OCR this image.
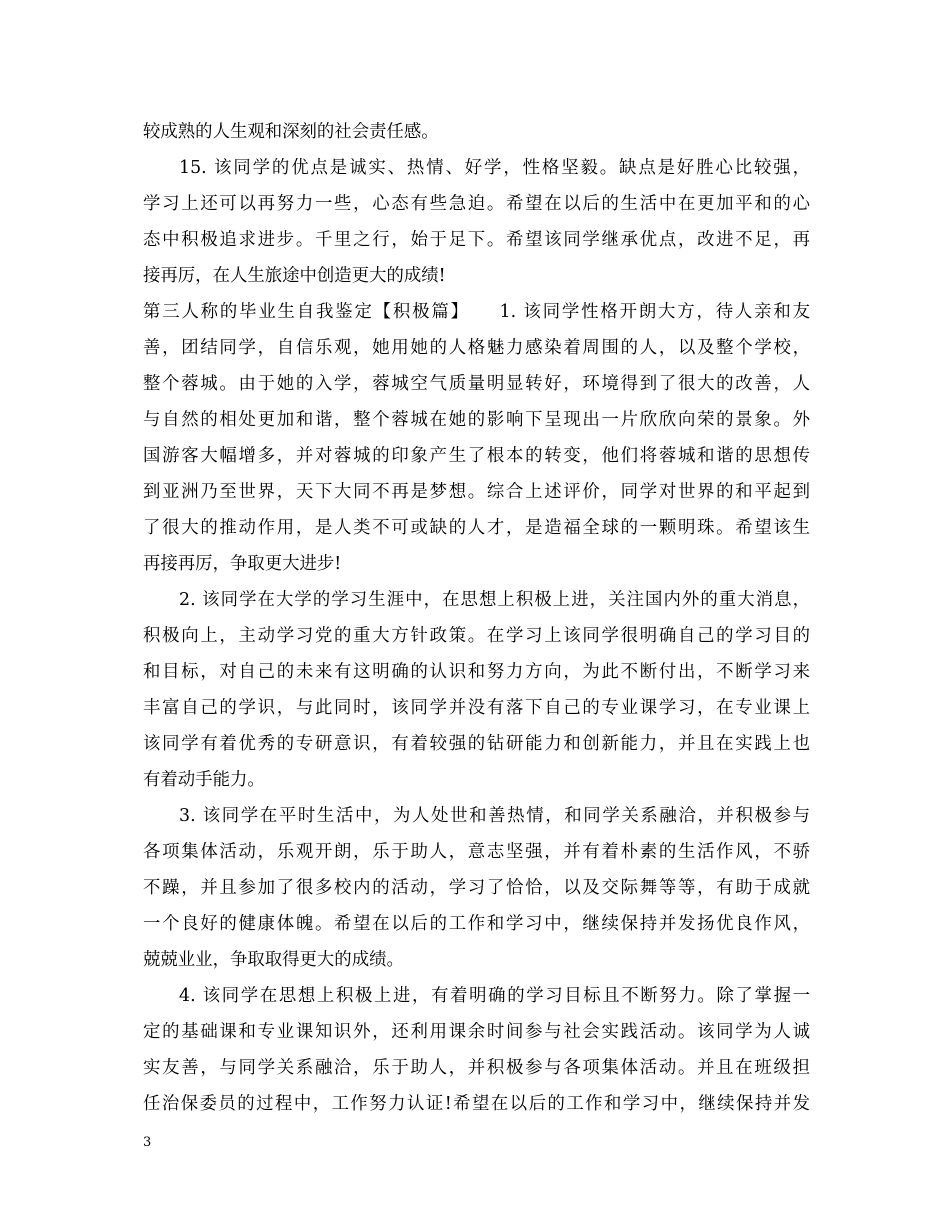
较成熟的人生观和深刻的社会责任感。
15. 该同学的优点是诚实、热情、好学，性格坚毅。缺点是好胜心比较强，
学习上还可以再努力一些，心态有些急迫。希望在以后的生活中在更加平和的心
态中积极追求进步。千里之行，始于足下。希望该同学继承优点，改进不足，再
接再厉，在人生旅途中创造更大的成绩!
第三人称的毕业生自我鉴定【积极篇】　　1. 该同学性格开朗大方，待人亲和友
善，团结同学，自信乐观，她用她的人格魅力感染着周围的人，以及整个学校，
整个蓉城。由于她的入学，蓉城空气质量明显转好，环境得到了很大的改善，人
与自然的相处更加和谐，整个蓉城在她的影响下呈现出一片欣欣向荣的景象。外
国游客大幅增多，并对蓉城的印象产生了根本的转变，他们将蓉城和谐的思想传
到亚洲乃至世界，天下大同不再是梦想。综合上述评价，同学对世界的和平起到
了很大的推动作用，是人类不可或缺的人才，是造福全球的一颗明珠。希望该生
再接再厉，争取更大进步!
2. 该同学在大学的学习生涯中，在思想上积极上进，关注国内外的重大消息，
积极向上，主动学习党的重大方针政策。在学习上该同学很明确自己的学习目的
和目标，对自己的未来有这明确的认识和努力方向，为此不断付出，不断学习来
丰富自己的学识，与此同时，该同学并没有落下自己的专业课学习，在专业课上
该同学有着优秀的专研意识，有着较强的钻研能力和创新能力，并且在实践上也
有着动手能力。
3. 该同学在平时生活中，为人处世和善热情，和同学关系融洽，并积极参与
各项集体活动，乐观开朗，乐于助人，意志坚强，并有着朴素的生活作风，不骄
不躁，并且参加了很多校内的活动，学习了恰恰，以及交际舞等等，有助于成就
一个良好的健康体魄。希望在以后的工作和学习中，继续保持并发扬优良作风，
兢兢业业，争取取得更大的成绩。
4. 该同学在思想上积极上进，有着明确的学习目标且不断努力。除了掌握一
定的基础课和专业课知识外，还利用课余时间参与社会实践活动。该同学为人诚
实友善，与同学关系融洽，乐于助人，并积极参与各项集体活动。并且在班级担
任治保委员的过程中，工作努力认证!希望在以后的工作和学习中，继续保持并发
3
